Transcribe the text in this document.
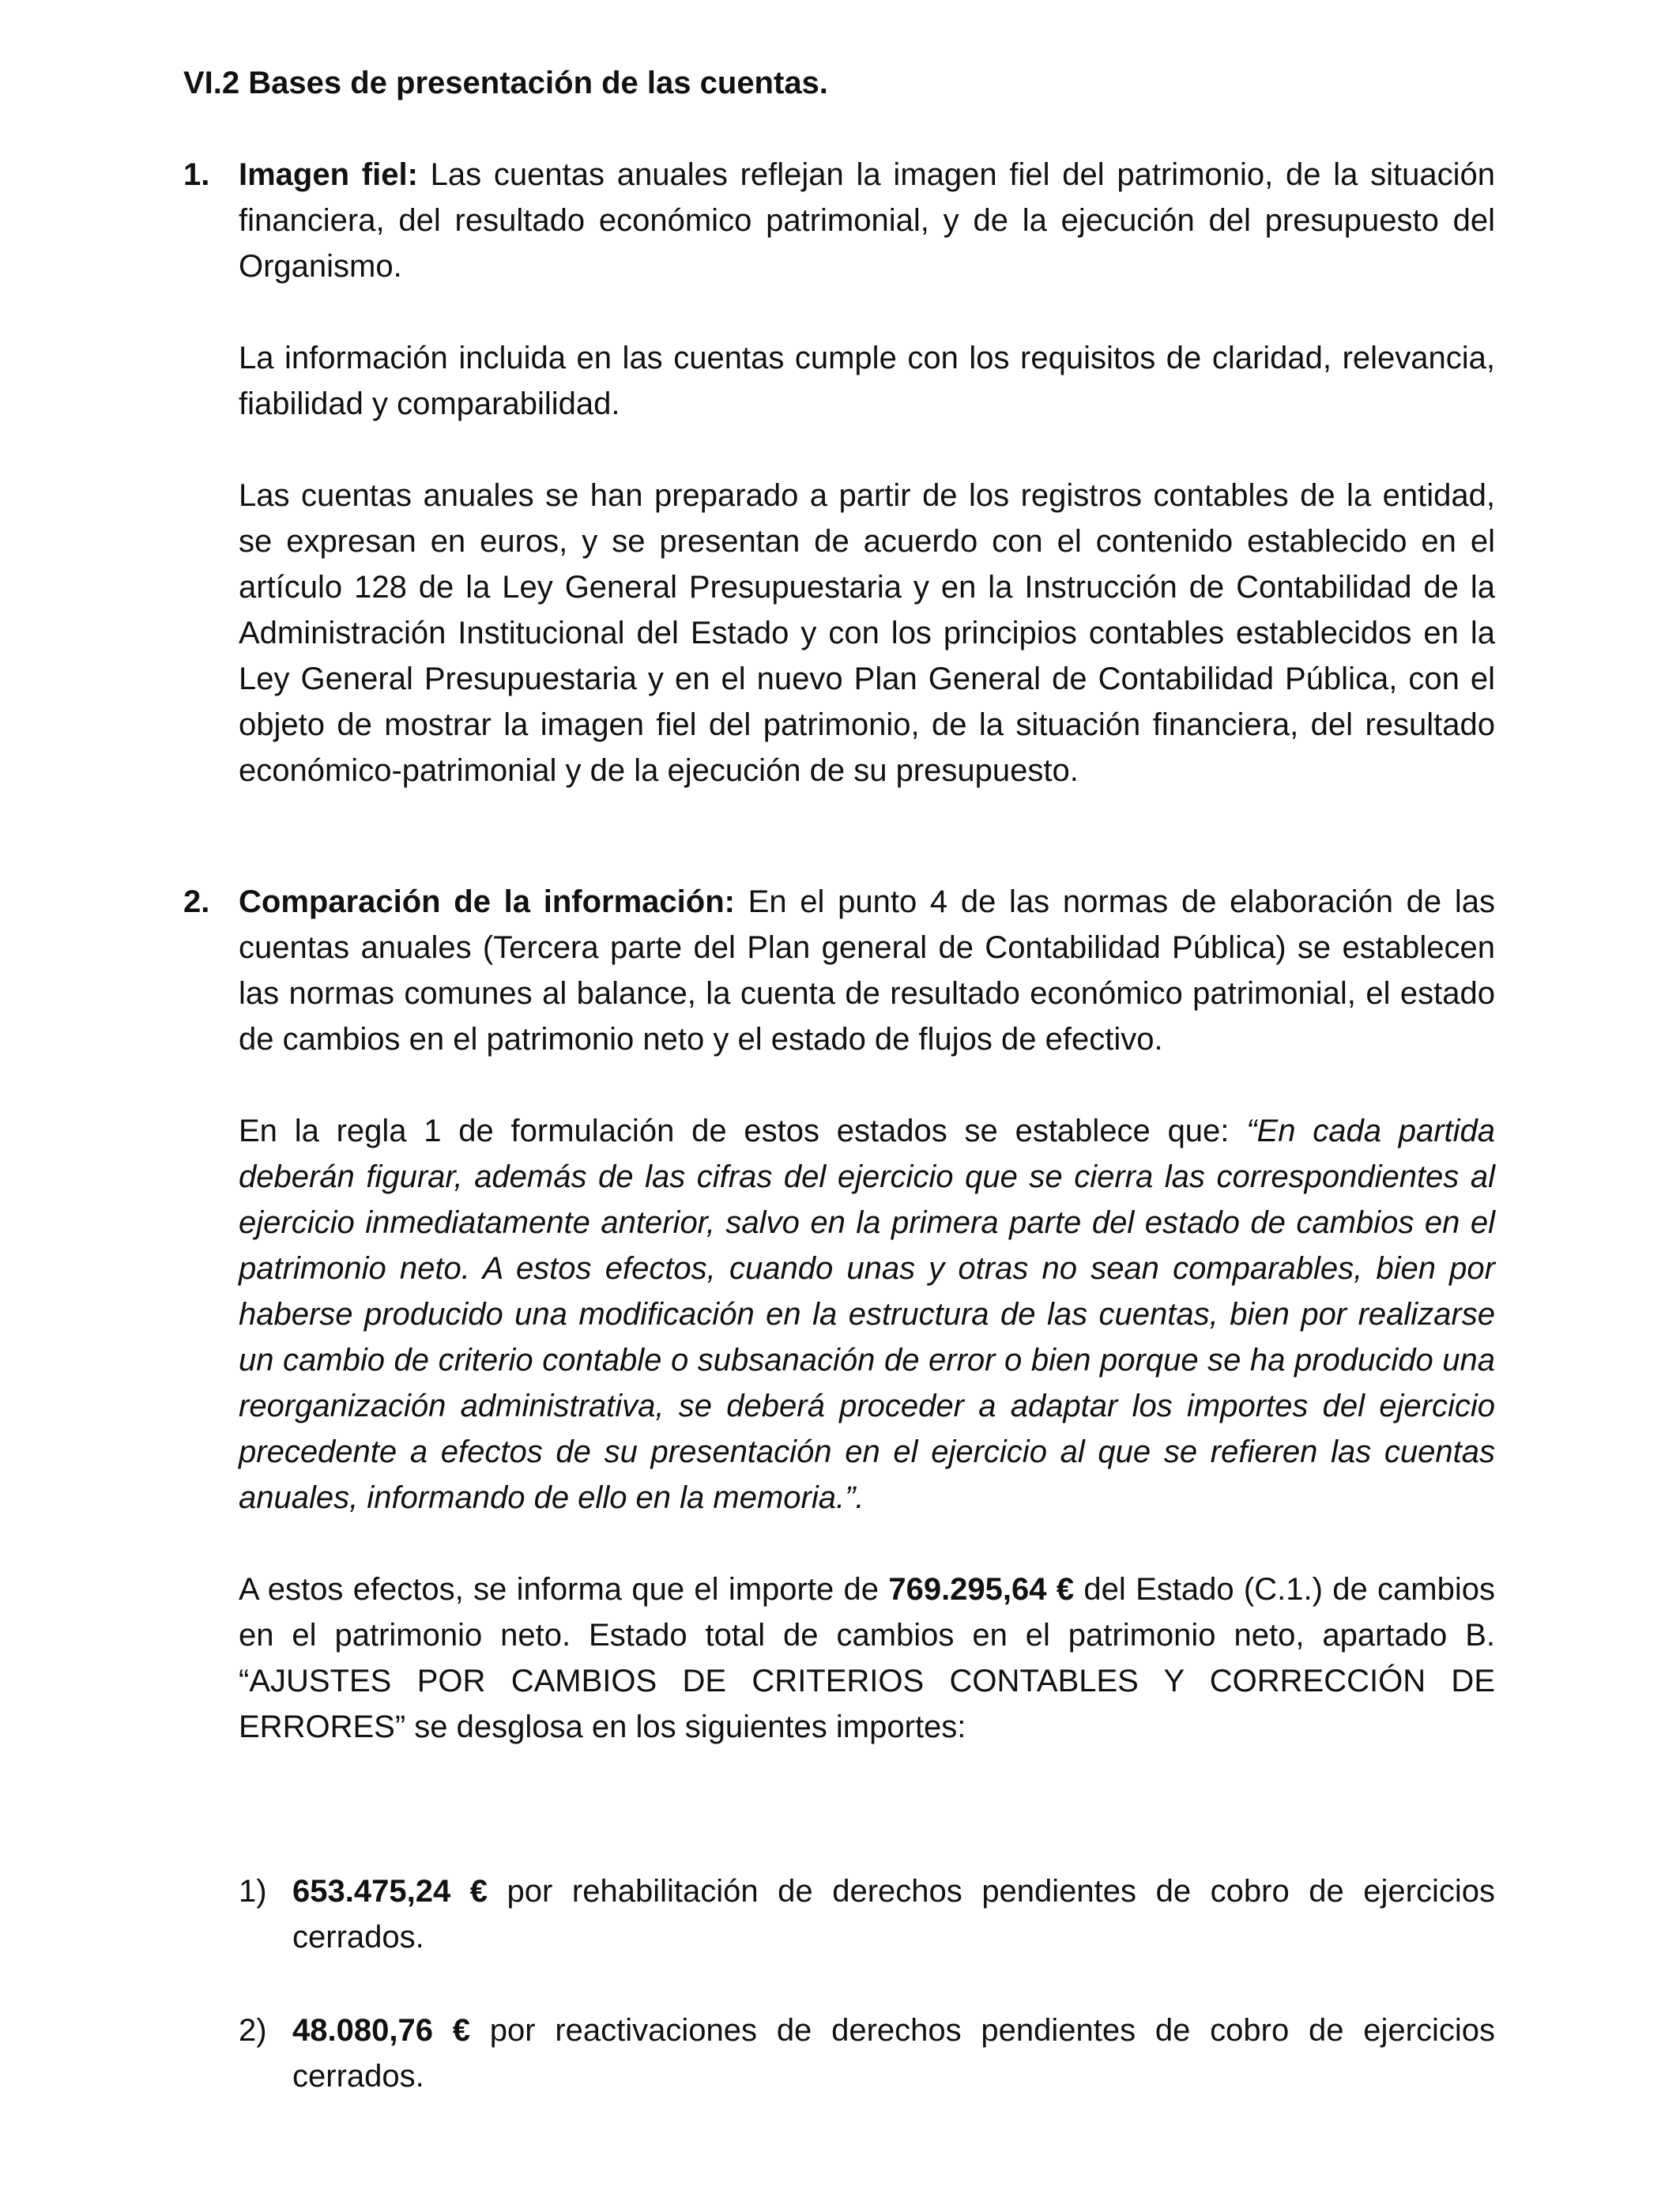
VI.2 Bases de presentación de las cuentas.
1. Imagen fiel: Las cuentas anuales reflejan la imagen fiel del patrimonio, de la situación financiera, del resultado económico patrimonial, y de la ejecución del presupuesto del Organismo.

La información incluida en las cuentas cumple con los requisitos de claridad, relevancia, fiabilidad y comparabilidad.

Las cuentas anuales se han preparado a partir de los registros contables de la entidad, se expresan en euros, y se presentan de acuerdo con el contenido establecido en el artículo 128 de la Ley General Presupuestaria y en la Instrucción de Contabilidad de la Administración Institucional del Estado y con los principios contables establecidos en la Ley General Presupuestaria y en el nuevo Plan General de Contabilidad Pública, con el objeto de mostrar la imagen fiel del patrimonio, de la situación financiera, del resultado económico-patrimonial y de la ejecución de su presupuesto.

2. Comparación de la información: En el punto 4 de las normas de elaboración de las cuentas anuales (Tercera parte del Plan general de Contabilidad Pública) se establecen las normas comunes al balance, la cuenta de resultado económico patrimonial, el estado de cambios en el patrimonio neto y el estado de flujos de efectivo.

En la regla 1 de formulación de estos estados se establece que: “En cada partida deberán figurar, además de las cifras del ejercicio que se cierra las correspondientes al ejercicio inmediatamente anterior, salvo en la primera parte del estado de cambios en el patrimonio neto. A estos efectos, cuando unas y otras no sean comparables, bien por haberse producido una modificación en la estructura de las cuentas, bien por realizarse un cambio de criterio contable o subsanación de error o bien porque se ha producido una reorganización administrativa, se deberá proceder a adaptar los importes del ejercicio precedente a efectos de su presentación en el ejercicio al que se refieren las cuentas anuales, informando de ello en la memoria.”.

A estos efectos, se informa que el importe de 769.295,64 € del Estado (C.1.) de cambios en el patrimonio neto. Estado total de cambios en el patrimonio neto, apartado B. “AJUSTES POR CAMBIOS DE CRITERIOS CONTABLES Y CORRECCIÓN DE ERRORES” se desglosa en los siguientes importes:

1) 653.475,24 € por rehabilitación de derechos pendientes de cobro de ejercicios cerrados.

2) 48.080,76 € por reactivaciones de derechos pendientes de cobro de ejercicios cerrados.
